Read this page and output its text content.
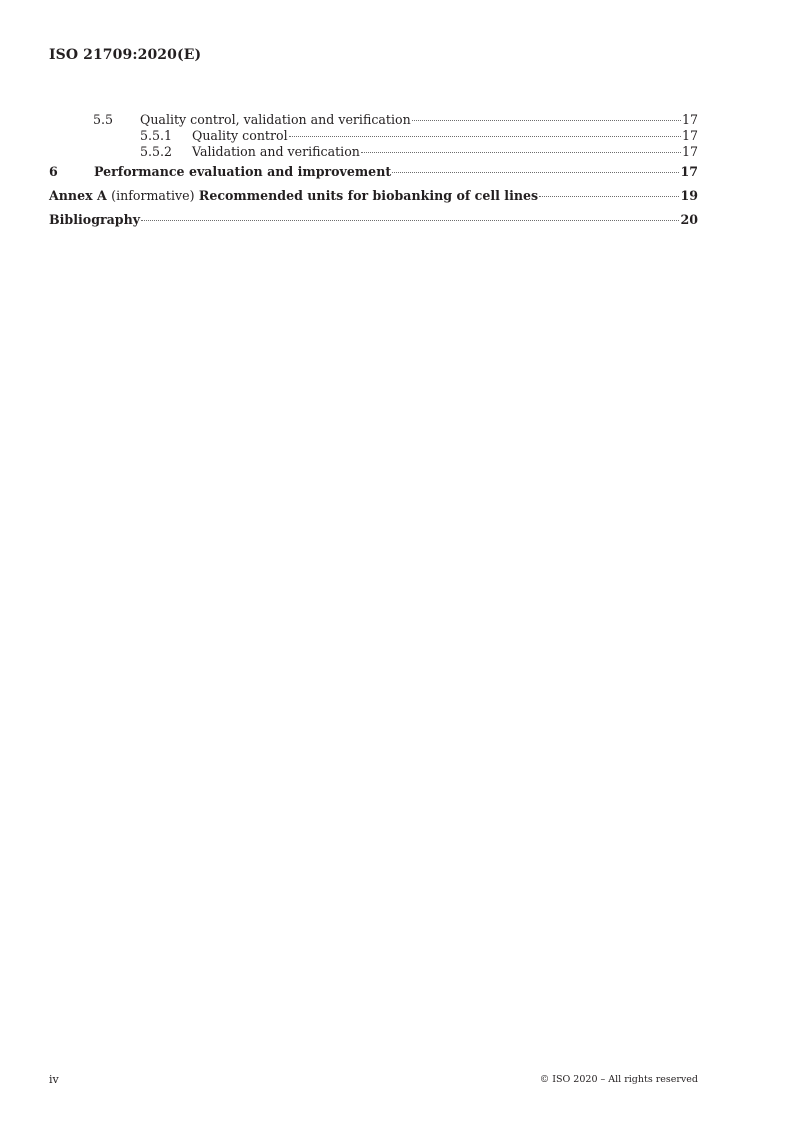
ISO 21709:2020(E)
5.5	Quality control, validation and verification	17
5.5.1	Quality control	17
5.5.2	Validation and verification	17
6	Performance evaluation and improvement	17
Annex A (informative) Recommended units for biobanking of cell lines	19
Bibliography	20
iv	© ISO 2020 – All rights reserved
